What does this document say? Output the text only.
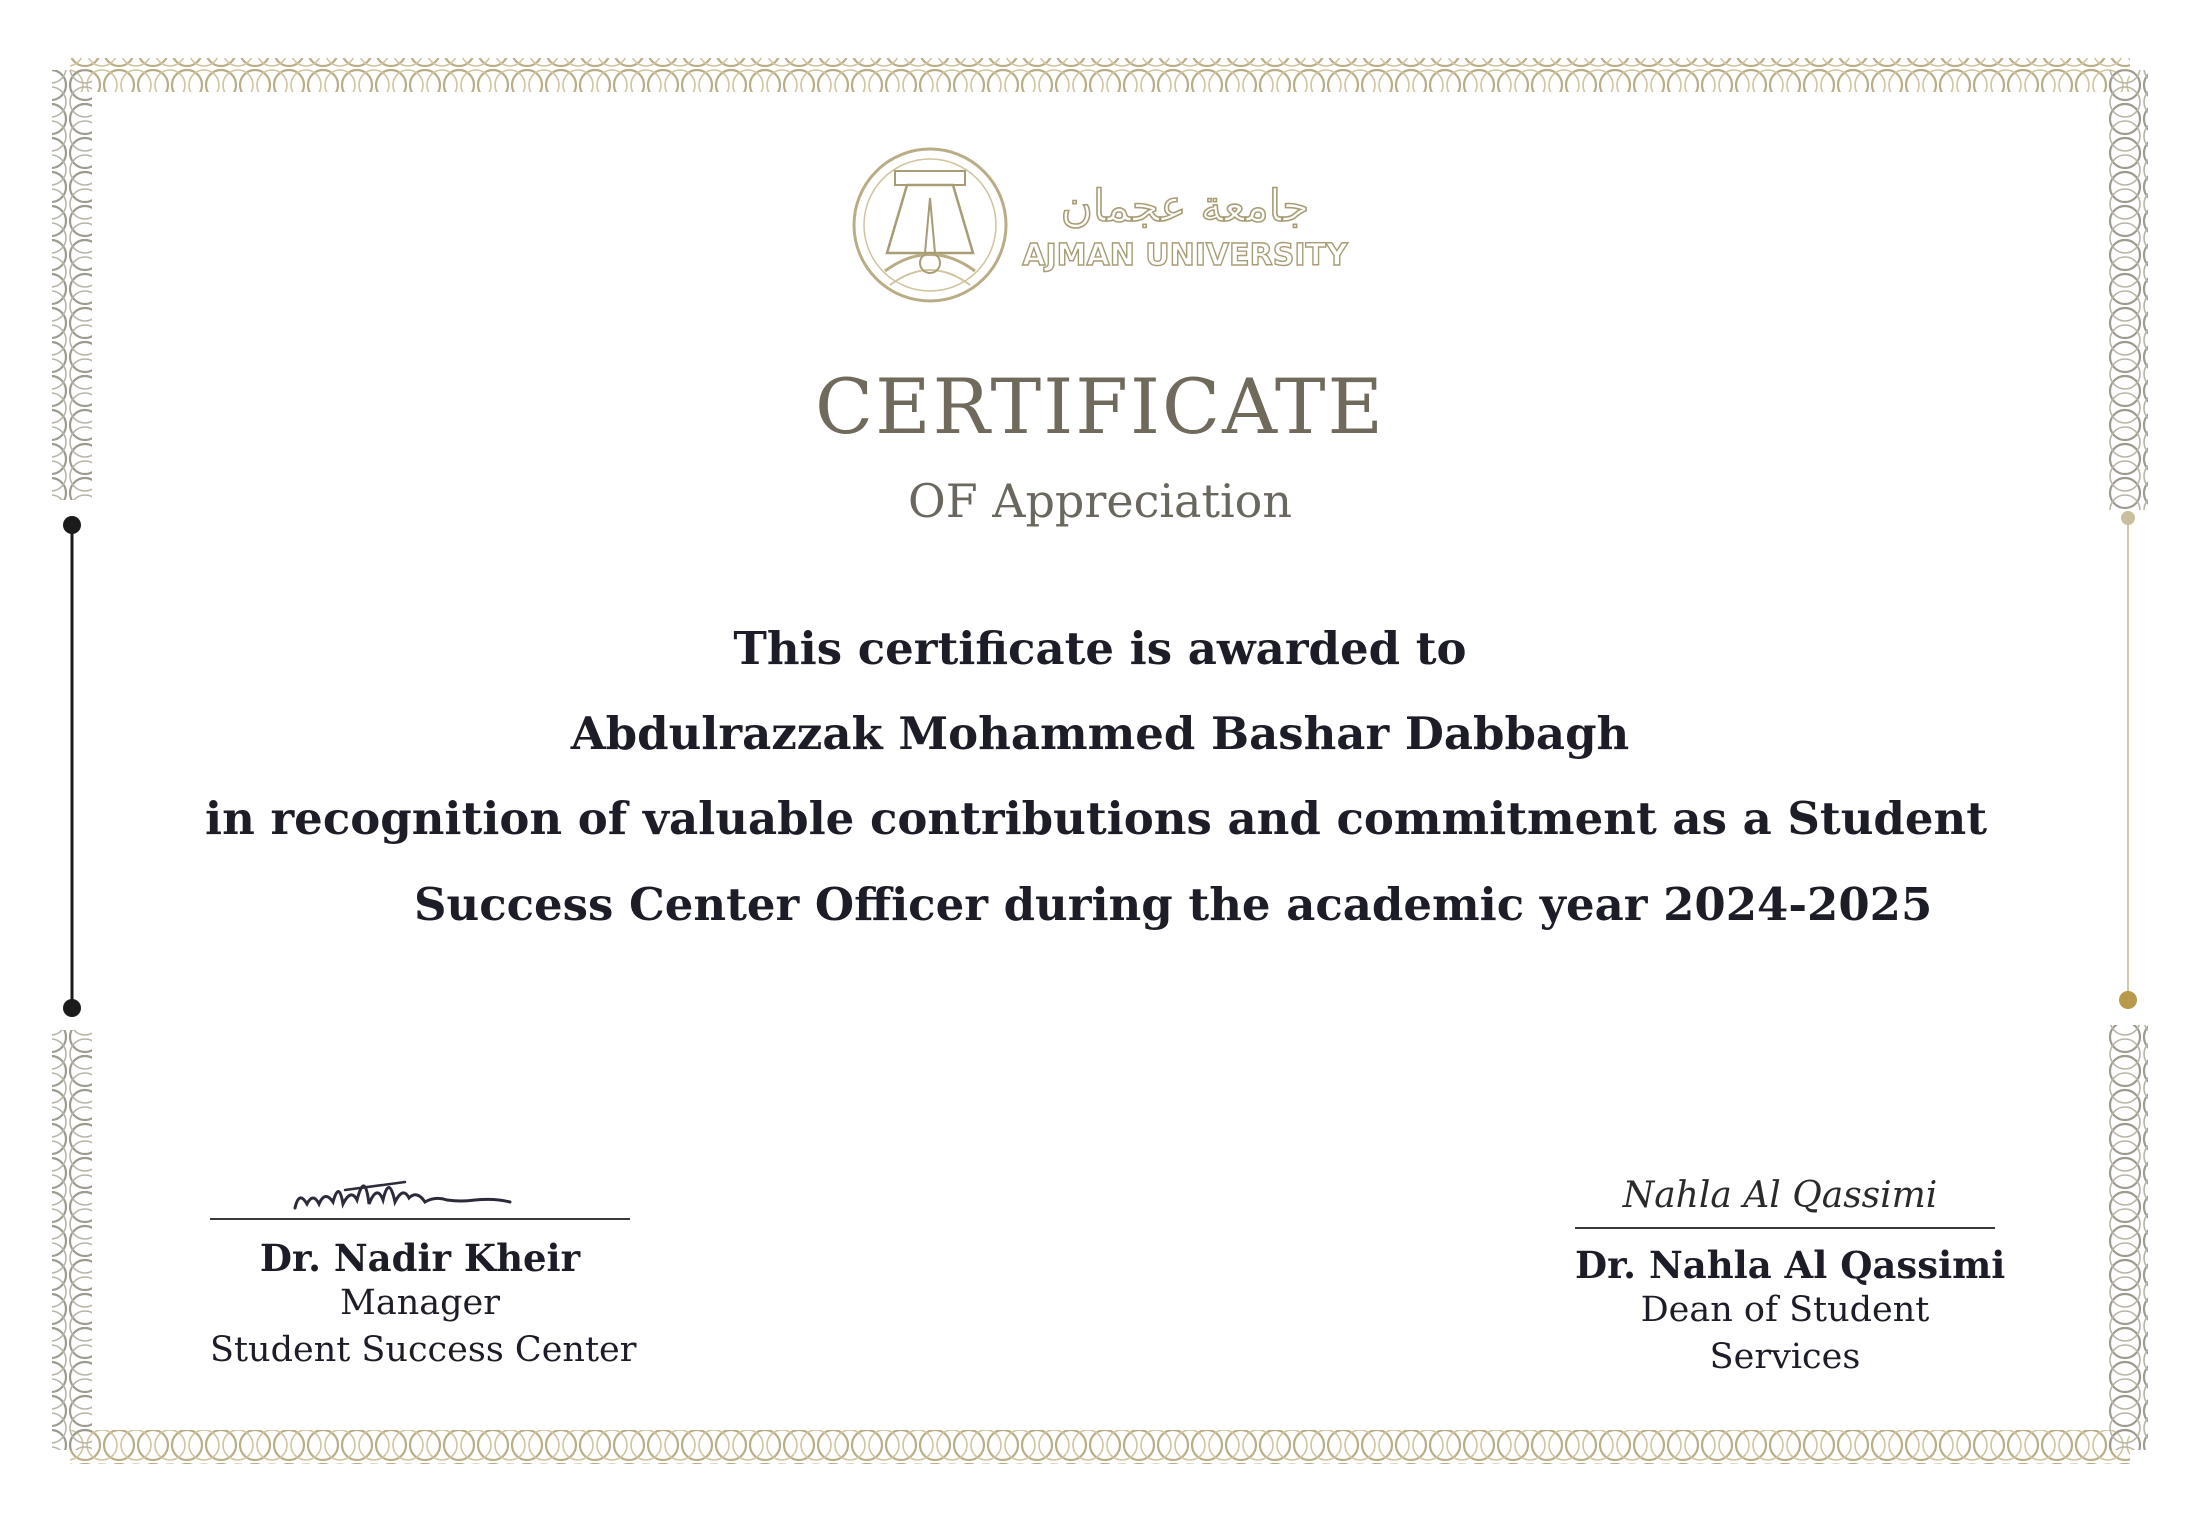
جامعة عجمان
AJMAN UNIVERSITY
CERTIFICATE

OF Appreciation

This certificate is awarded to

Abdulrazzak Mohammed Bashar Dabbagh

in recognition of valuable contributions and commitment as a Student

Success Center Officer during the academic year 2024-2025

Dr. Nadir Kheir

Manager

Student Success Center

Nahla Al Qassimi

Dr. Nahla Al Qassimi

Dean of Student

Services
